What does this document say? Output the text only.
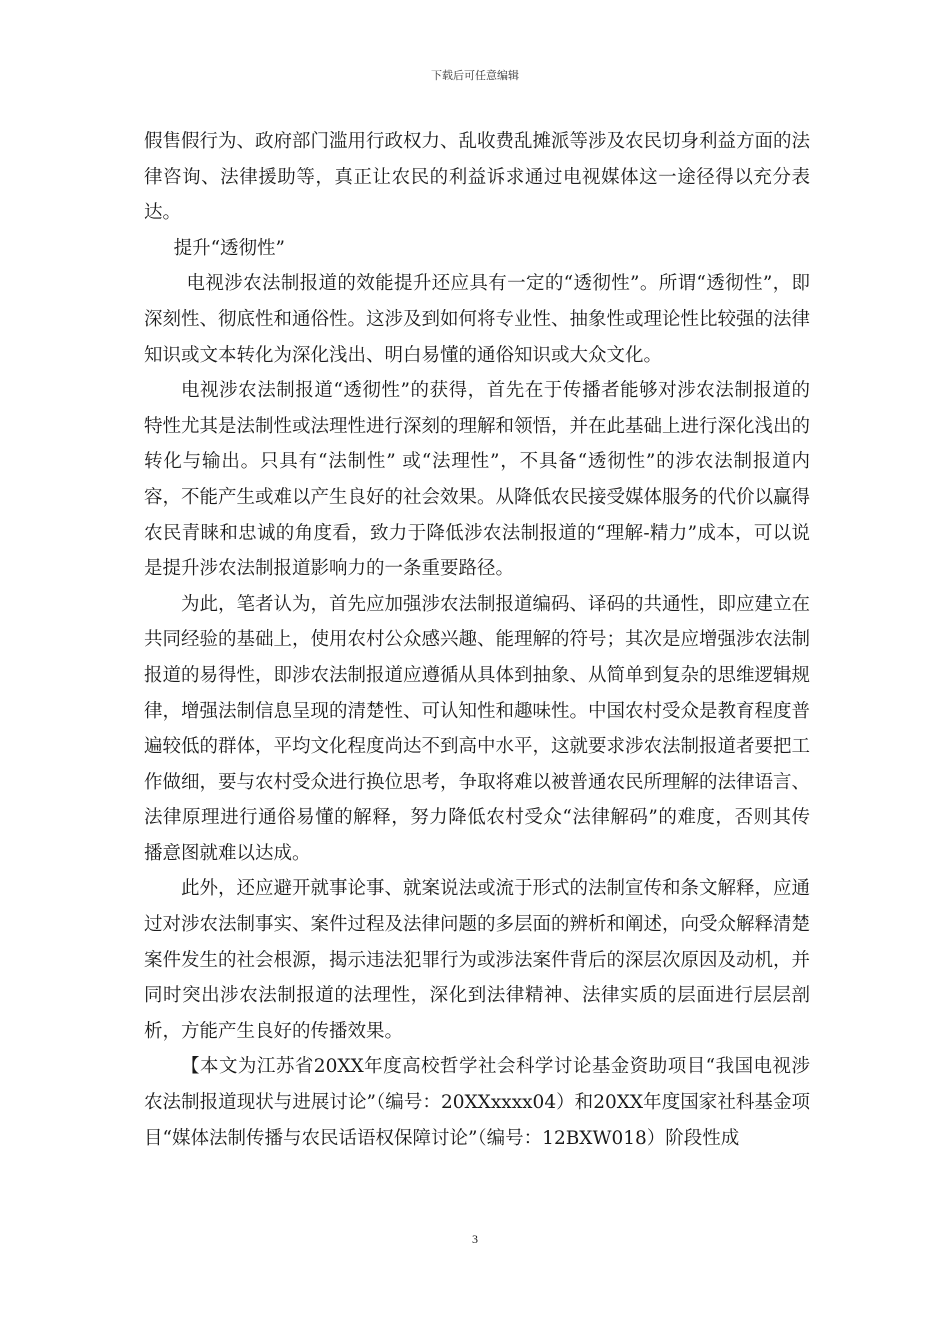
下载后可任意编辑

假售假行为、政府部门滥用行政权力、乱收费乱摊派等涉及农民切身利益方面的法律咨询、法律援助等，真正让农民的利益诉求通过电视媒体这一途径得以充分表达。

提升“透彻性”

电视涉农法制报道的效能提升还应具有一定的“透彻性”。所谓“透彻性”，即深刻性、彻底性和通俗性。这涉及到如何将专业性、抽象性或理论性比较强的法律知识或文本转化为深化浅出、明白易懂的通俗知识或大众文化。

电视涉农法制报道“透彻性”的获得，首先在于传播者能够对涉农法制报道的特性尤其是法制性或法理性进行深刻的理解和领悟，并在此基础上进行深化浅出的转化与输出。只具有“法制性” 或“法理性”，不具备“透彻性”的涉农法制报道内容，不能产生或难以产生良好的社会效果。从降低农民接受媒体服务的代价以赢得农民青睐和忠诚的角度看，致力于降低涉农法制报道的“理解-精力”成本，可以说是提升涉农法制报道影响力的一条重要路径。

为此，笔者认为，首先应加强涉农法制报道编码、译码的共通性，即应建立在共同经验的基础上，使用农村公众感兴趣、能理解的符号；其次是应增强涉农法制报道的易得性，即涉农法制报道应遵循从具体到抽象、从简单到复杂的思维逻辑规律，增强法制信息呈现的清楚性、可认知性和趣味性。中国农村受众是教育程度普遍较低的群体，平均文化程度尚达不到高中水平，这就要求涉农法制报道者要把工作做细，要与农村受众进行换位思考，争取将难以被普通农民所理解的法律语言、法律原理进行通俗易懂的解释，努力降低农村受众“法律解码”的难度，否则其传播意图就难以达成。

此外，还应避开就事论事、就案说法或流于形式的法制宣传和条文解释，应通过对涉农法制事实、案件过程及法律问题的多层面的辨析和阐述，向受众解释清楚案件发生的社会根源，揭示违法犯罪行为或涉法案件背后的深层次原因及动机，并同时突出涉农法制报道的法理性，深化到法律精神、法律实质的层面进行层层剖析，方能产生良好的传播效果。

【本文为江苏省20XX年度高校哲学社会科学讨论基金资助项目“我国电视涉农法制报道现状与进展讨论”（编号：20XXxxxx04）和20XX年度国家社科基金项目“媒体法制传播与农民话语权保障讨论”（编号：12BXW018）阶段性成

3
